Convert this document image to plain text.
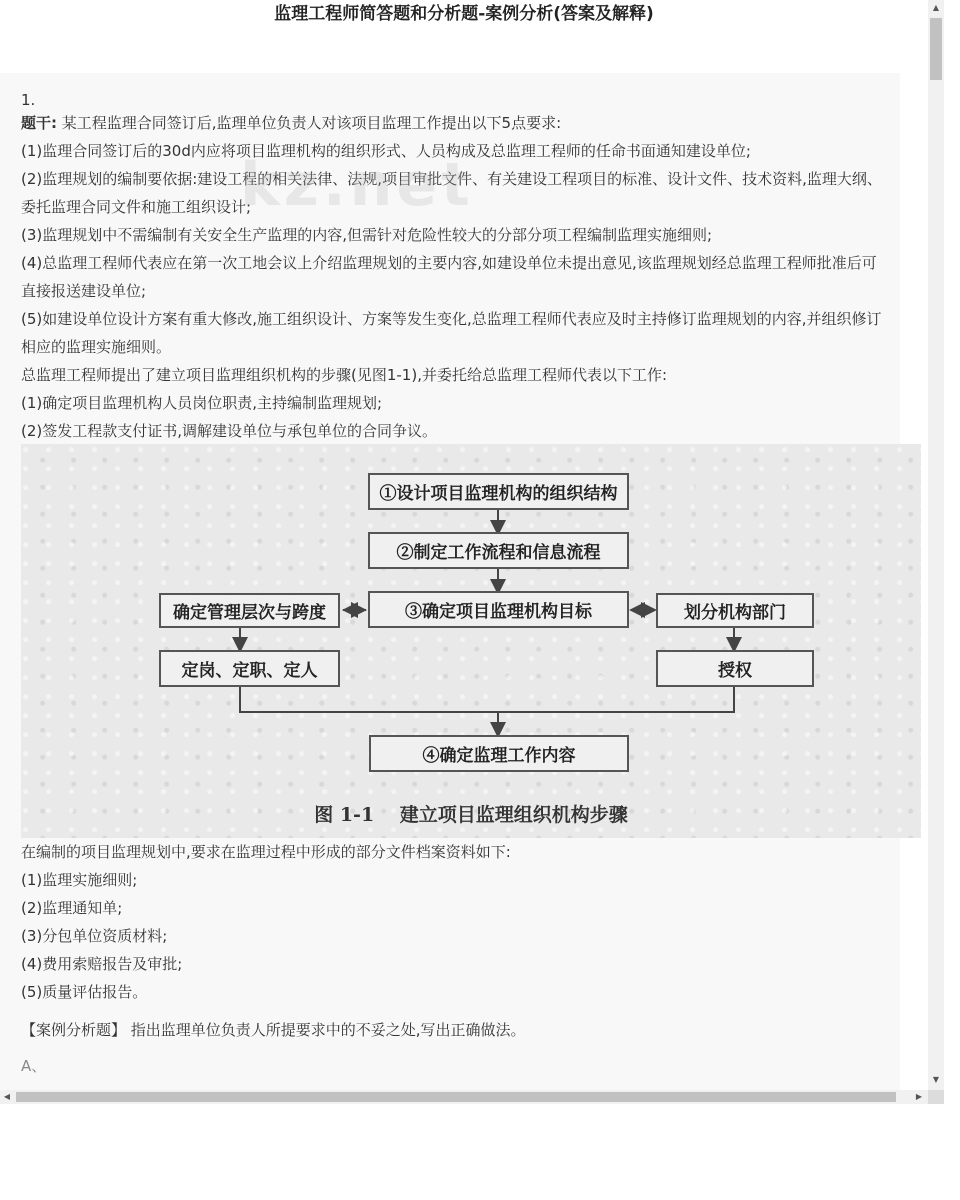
监理工程师简答题和分析题-案例分析(答案及解释)
1.

题干: 某工程监理合同签订后,监理单位负责人对该项目监理工作提出以下5点要求:

(1)监理合同签订后的30d内应将项目监理机构的组织形式、人员构成及总监理工程师的任命书面通知建设单位;

(2)监理规划的编制要依据:建设工程的相关法律、法规,项目审批文件、有关建设工程项目的标准、设计文件、技术资料,监理大纲、委托监理合同文件和施工组织设计;

(3)监理规划中不需编制有关安全生产监理的内容,但需针对危险性较大的分部分项工程编制监理实施细则;

(4)总监理工程师代表应在第一次工地会议上介绍监理规划的主要内容,如建设单位未提出意见,该监理规划经总监理工程师批准后可直接报送建设单位;

(5)如建设单位设计方案有重大修改,施工组织设计、方案等发生变化,总监理工程师代表应及时主持修订监理规划的内容,并组织修订相应的监理实施细则。

总监理工程师提出了建立项目监理组织机构的步骤(见图1-1),并委托给总监理工程师代表以下工作:

(1)确定项目监理机构人员岗位职责,主持编制监理规划;

(2)签发工程款支付证书,调解建设单位与承包单位的合同争议。

①设计项目监理机构的组织结构
②制定工作流程和信息流程
③确定项目监理机构目标
确定管理层次与跨度
定岗、定职、定人
划分机构部门
授权
④确定监理工作内容
图 1-1　 建立项目监理组织机构步骤
kz.net

在编制的项目监理规划中,要求在监理过程中形成的部分文件档案资料如下:

(1)监理实施细则;

(2)监理通知单;

(3)分包单位资质材料;

(4)费用索赔报告及审批;

(5)质量评估报告。

【案例分析题】 指出监理单位负责人所提要求中的不妥之处,写出正确做法。
A、
▲
▼
◀	▶
